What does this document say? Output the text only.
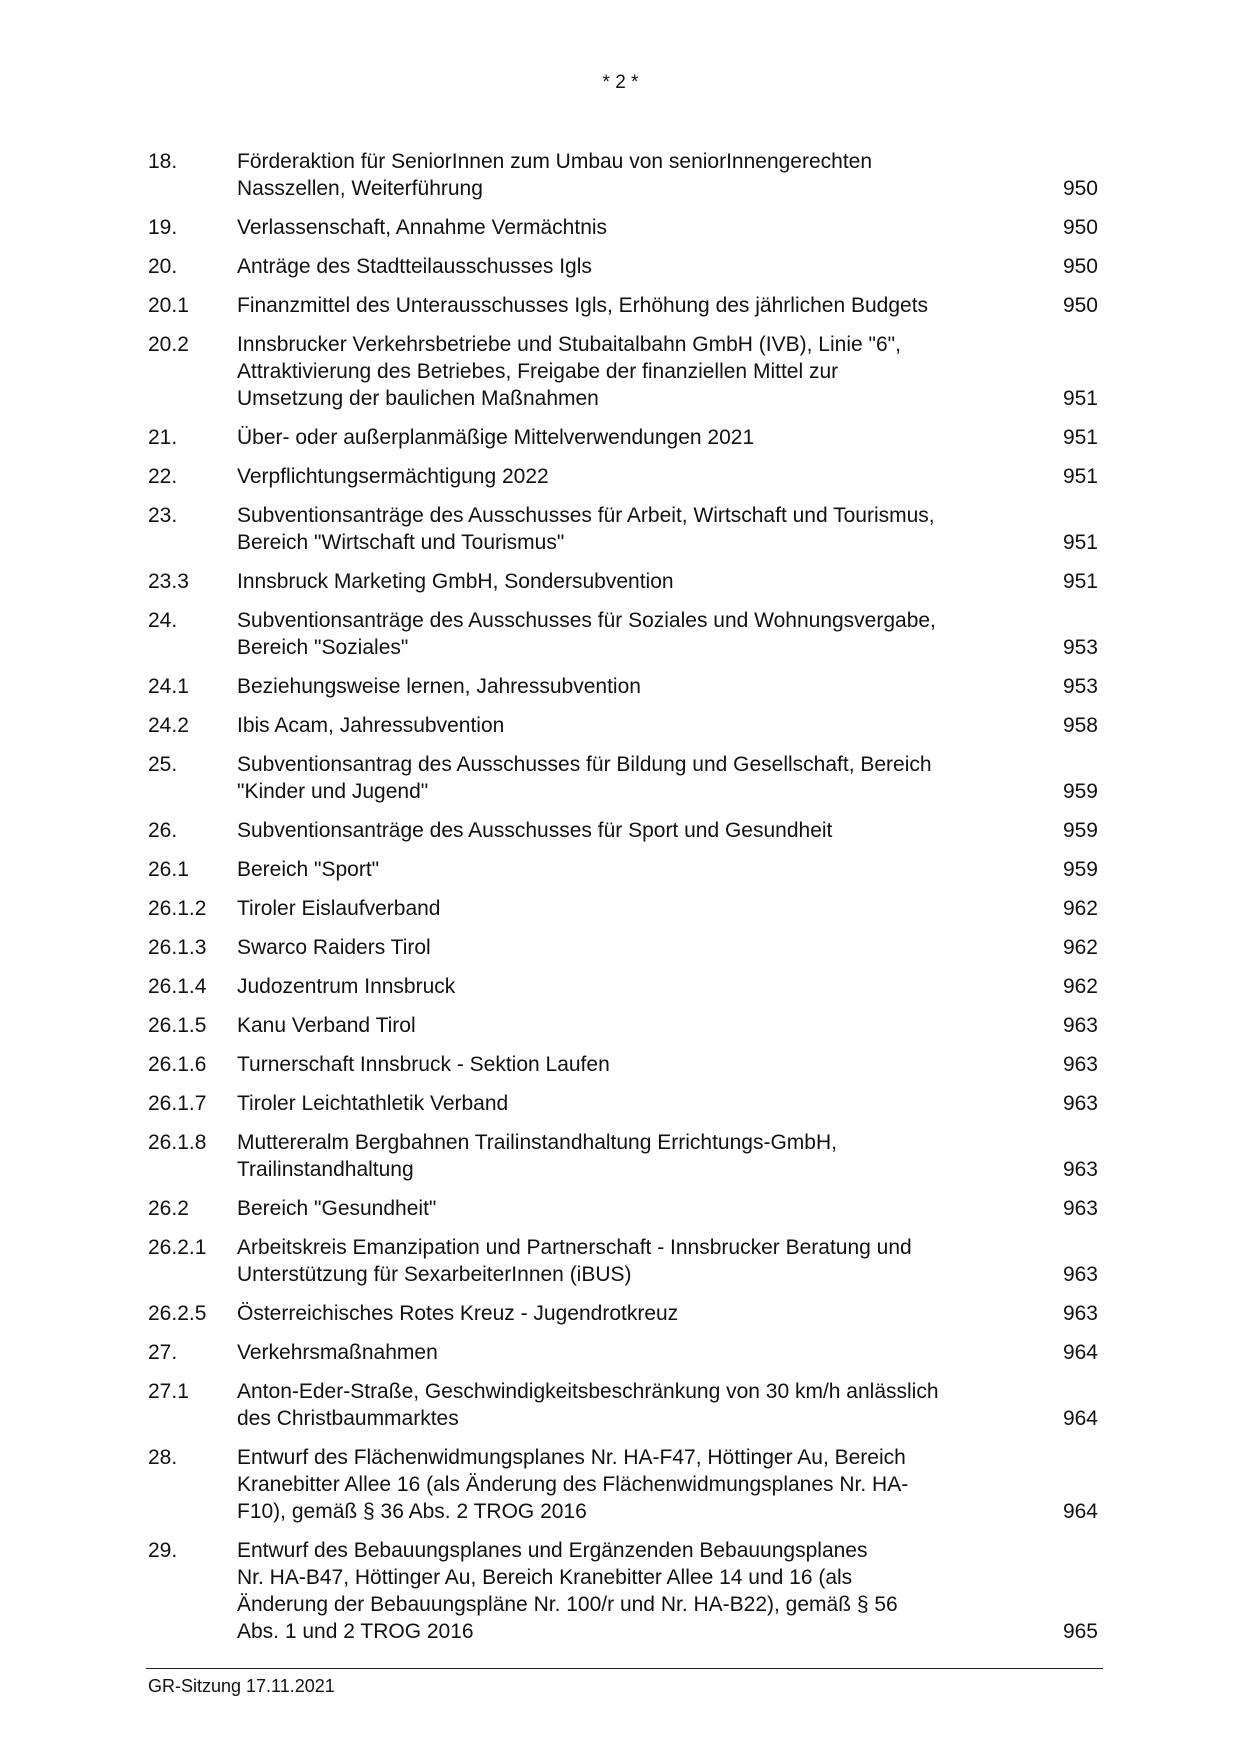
* 2 *
18.	Förderaktion für SeniorInnen zum Umbau von seniorInnengerechten
Nasszellen, Weiterführung	950
19.	Verlassenschaft, Annahme Vermächtnis	950
20.	Anträge des Stadtteilausschusses Igls	950
20.1	Finanzmittel des Unterausschusses Igls, Erhöhung des jährlichen Budgets	950
20.2	Innsbrucker Verkehrsbetriebe und Stubaitalbahn GmbH (IVB), Linie "6",
Attraktivierung des Betriebes, Freigabe der finanziellen Mittel zur
Umsetzung der baulichen Maßnahmen	951
21.	Über- oder außerplanmäßige Mittelverwendungen 2021	951
22.	Verpflichtungsermächtigung 2022	951
23.	Subventionsanträge des Ausschusses für Arbeit, Wirtschaft und Tourismus,
Bereich "Wirtschaft und Tourismus"	951
23.3	Innsbruck Marketing GmbH, Sondersubvention	951
24.	Subventionsanträge des Ausschusses für Soziales und Wohnungsvergabe,
Bereich "Soziales"	953
24.1	Beziehungsweise lernen, Jahressubvention	953
24.2	Ibis Acam, Jahressubvention	958
25.	Subventionsantrag des Ausschusses für Bildung und Gesellschaft, Bereich
"Kinder und Jugend"	959
26.	Subventionsanträge des Ausschusses für Sport und Gesundheit	959
26.1	Bereich "Sport"	959
26.1.2	Tiroler Eislaufverband	962
26.1.3	Swarco Raiders Tirol	962
26.1.4	Judozentrum Innsbruck	962
26.1.5	Kanu Verband Tirol	963
26.1.6	Turnerschaft Innsbruck - Sektion Laufen	963
26.1.7	Tiroler Leichtathletik Verband	963
26.1.8	Muttereralm Bergbahnen Trailinstandhaltung Errichtungs-GmbH,
Trailinstandhaltung	963
26.2	Bereich "Gesundheit"	963
26.2.1	Arbeitskreis Emanzipation und Partnerschaft - Innsbrucker Beratung und
Unterstützung für SexarbeiterInnen (iBUS)	963
26.2.5	Österreichisches Rotes Kreuz - Jugendrotkreuz	963
27.	Verkehrsmaßnahmen	964
27.1	Anton-Eder-Straße, Geschwindigkeitsbeschränkung von 30 km/h anlässlich
des Christbaummarktes	964
28.	Entwurf des Flächenwidmungsplanes Nr. HA-F47, Höttinger Au, Bereich
Kranebitter Allee 16 (als Änderung des Flächenwidmungsplanes Nr. HA-
F10), gemäß § 36 Abs. 2 TROG 2016	964
29.	Entwurf des Bebauungsplanes und Ergänzenden Bebauungsplanes
Nr. HA-B47, Höttinger Au, Bereich Kranebitter Allee 14 und 16 (als
Änderung der Bebauungspläne Nr. 100/r und Nr. HA-B22), gemäß § 56
Abs. 1 und 2 TROG 2016	965
GR-Sitzung 17.11.2021
